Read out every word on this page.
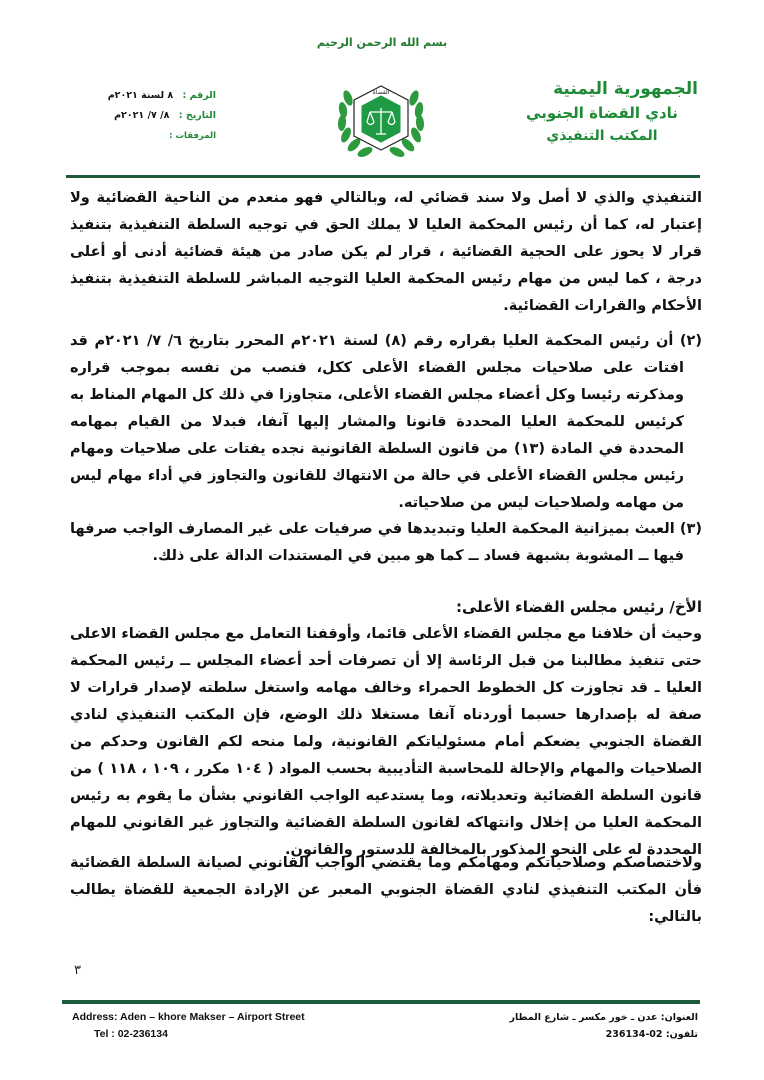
بسم الله الرحمن الرحيم
الجمهورية اليمنية
نادي القضاة الجنوبي
المكتب التنفيذي
القضاة
الرقم : ٨ لسنة ٢٠٢١م
التاريخ : ٨/ ٧/ ٢٠٢١م
المرفقات :

التنفيذي والذي لا أصل ولا سند قضائي له، وبالتالي فهو منعدم من الناحية القضائية ولا إعتبار له، كما أن رئيس المحكمة العليا لا يملك الحق في توجيه السلطة التنفيذية بتنفيذ قرار لا يحوز على الحجية القضائية ، قرار لم يكن صادر من هيئة قضائية أدنى أو أعلى درجة ، كما ليس من مهام رئيس المحكمة العليا التوجيه المباشر للسلطة التنفيذية بتنفيذ الأحكام والقرارات القضائية.

(٢) أن رئيس المحكمة العليا بقراره رقم (٨) لسنة ٢٠٢١م المحرر بتاريخ ٦/ ٧/ ٢٠٢١م قد افتات على صلاحيات مجلس القضاء الأعلى ككل، فنصب من نفسه بموجب قراره ومذكرته رئيسا وكل أعضاء مجلس القضاء الأعلى، متجاوزا في ذلك كل المهام المناط به كرئيس للمحكمة العليا المحددة قانونا والمشار إليها آنفا، فبدلا من القيام بمهامه المحددة في المادة (١٣) من قانون السلطة القانونية نجده يفتات على صلاحيات ومهام رئيس مجلس القضاء الأعلى في حالة من الانتهاك للقانون والتجاوز في أداء مهام ليس من مهامه ولصلاحيات ليس من صلاحياته.

(٣) العبث بميزانية المحكمة العليا وتبديدها في صرفيات على غير المصارف الواجب صرفها فيها ــ المشوبة بشبهة فساد ــ كما هو مبين في المستندات الدالة على ذلك.

الأخ/ رئيس مجلس القضاء الأعلى:

وحيث أن خلافنا مع مجلس القضاء الأعلى قائما، وأوقفنا التعامل مع مجلس القضاء الاعلى حتى تنفيذ مطالبنا من قبل الرئاسة إلا أن تصرفات أحد أعضاء المجلس ــ رئيس المحكمة العليا ـ قد تجاوزت كل الخطوط الحمراء وخالف مهامه واستغل سلطته لإصدار قرارات لا صفة له بإصدارها حسبما أوردناه آنفا مستغلا ذلك الوضع، فإن المكتب التنفيذي لنادي القضاة الجنوبي يضعكم أمام مسئولياتكم القانونية، ولما منحه لكم القانون وحدكم من الصلاحيات والمهام والإحالة للمحاسبة التأديبية بحسب المواد ( ١٠٤ مكرر ، ١٠٩ ، ١١٨ ) من قانون السلطة القضائية وتعديلاته، وما يستدعيه الواجب القانوني بشأن ما يقوم به رئيس المحكمة العليا من إخلال وانتهاكه لقانون السلطة القضائية والتجاوز غير القانوني للمهام المحددة له على النحو المذكور بالمخالفة للدستور والقانون.

ولاختصاصكم وصلاحياتكم ومهامكم وما يقتضي الواجب القانوني لصيانة السلطة القضائية فأن المكتب التنفيذي لنادي القضاة الجنوبي المعبر عن الإرادة الجمعية للقضاة يطالب بالتالي:

٣
Address: Aden – khore Makser – Airport Street
Tel : 02-236134
العنوان: عدن ـ خور مكسر ـ شارع المطار
تلفون: 02-236134
